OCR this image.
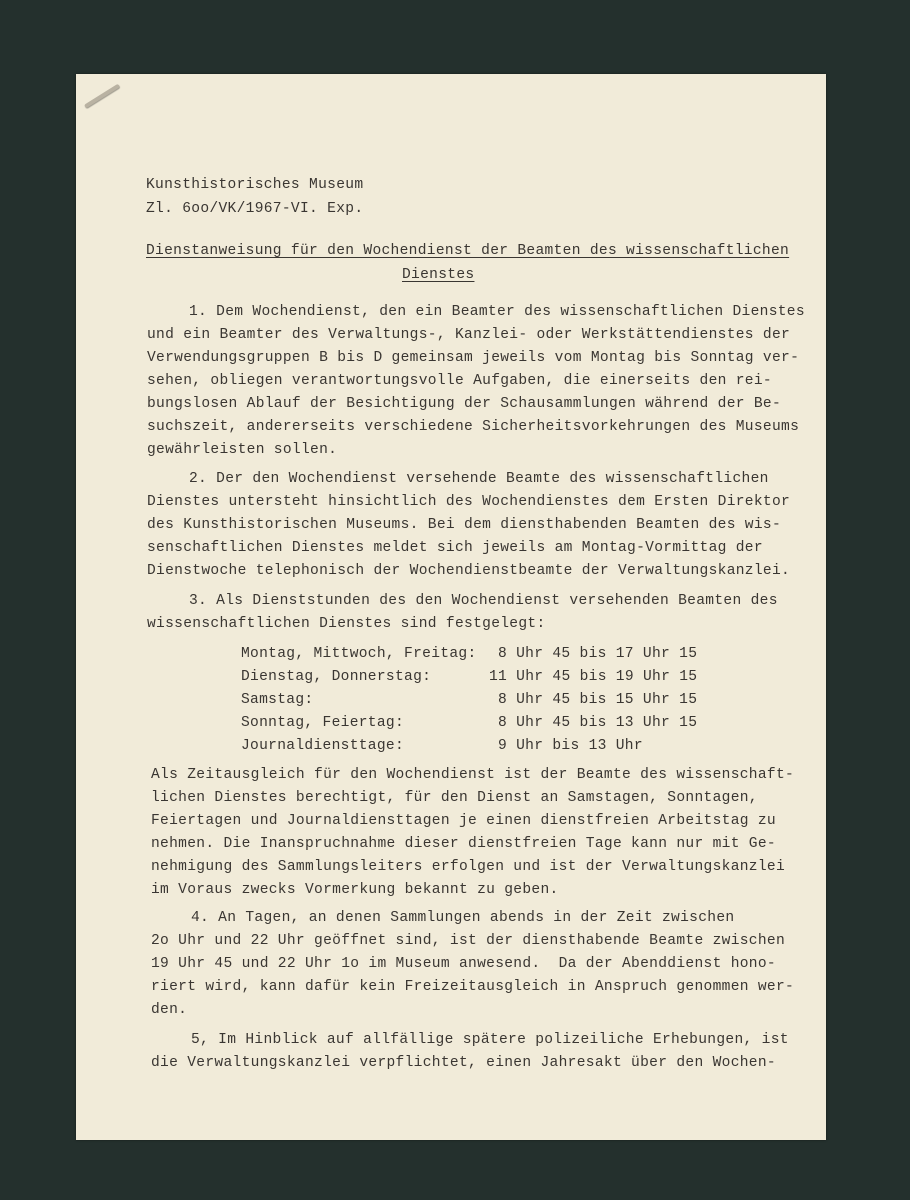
Kunsthistorisches Museum
Zl. 6oo/VK/1967-VI. Exp.
Dienstanweisung für den Wochendienst der Beamten des wissenschaftlichen
Dienstes
1. Dem Wochendienst, den ein Beamter des wissenschaftlichen Dienstes
und ein Beamter des Verwaltungs-, Kanzlei- oder Werkstättendienstes der
Verwendungsgruppen B bis D gemeinsam jeweils vom Montag bis Sonntag ver-
sehen, obliegen verantwortungsvolle Aufgaben, die einerseits den rei-
bungslosen Ablauf der Besichtigung der Schausammlungen während der Be-
suchszeit, andererseits verschiedene Sicherheitsvorkehrungen des Museums
gewährleisten sollen.
2. Der den Wochendienst versehende Beamte des wissenschaftlichen
Dienstes untersteht hinsichtlich des Wochendienstes dem Ersten Direktor
des Kunsthistorischen Museums. Bei dem diensthabenden Beamten des wis-
senschaftlichen Dienstes meldet sich jeweils am Montag-Vormittag der
Dienstwoche telephonisch der Wochendienstbeamte der Verwaltungskanzlei.
3. Als Dienststunden des den Wochendienst versehenden Beamten des
wissenschaftlichen Dienstes sind festgelegt:
Montag, Mittwoch, Freitag: 8 Uhr 45 bis 17 Uhr 15
Dienstag, Donnerstag:	11 Uhr 45 bis 19 Uhr 15
Samstag:	8 Uhr 45 bis 15 Uhr 15
Sonntag, Feiertag:	8 Uhr 45 bis 13 Uhr 15
Journaldiensttage:	9 Uhr bis 13 Uhr
Als Zeitausgleich für den Wochendienst ist der Beamte des wissenschaft-
lichen Dienstes berechtigt, für den Dienst an Samstagen, Sonntagen,
Feiertagen und Journaldiensttagen je einen dienstfreien Arbeitstag zu
nehmen. Die Inanspruchnahme dieser dienstfreien Tage kann nur mit Ge-
nehmigung des Sammlungsleiters erfolgen und ist der Verwaltungskanzlei
im Voraus zwecks Vormerkung bekannt zu geben.
4. An Tagen, an denen Sammlungen abends in der Zeit zwischen
2o Uhr und 22 Uhr geöffnet sind, ist der diensthabende Beamte zwischen
19 Uhr 45 und 22 Uhr 1o im Museum anwesend.  Da der Abenddienst hono-
riert wird, kann dafür kein Freizeitausgleich in Anspruch genommen wer-
den.
5, Im Hinblick auf allfällige spätere polizeiliche Erhebungen, ist
die Verwaltungskanzlei verpflichtet, einen Jahresakt über den Wochen-
